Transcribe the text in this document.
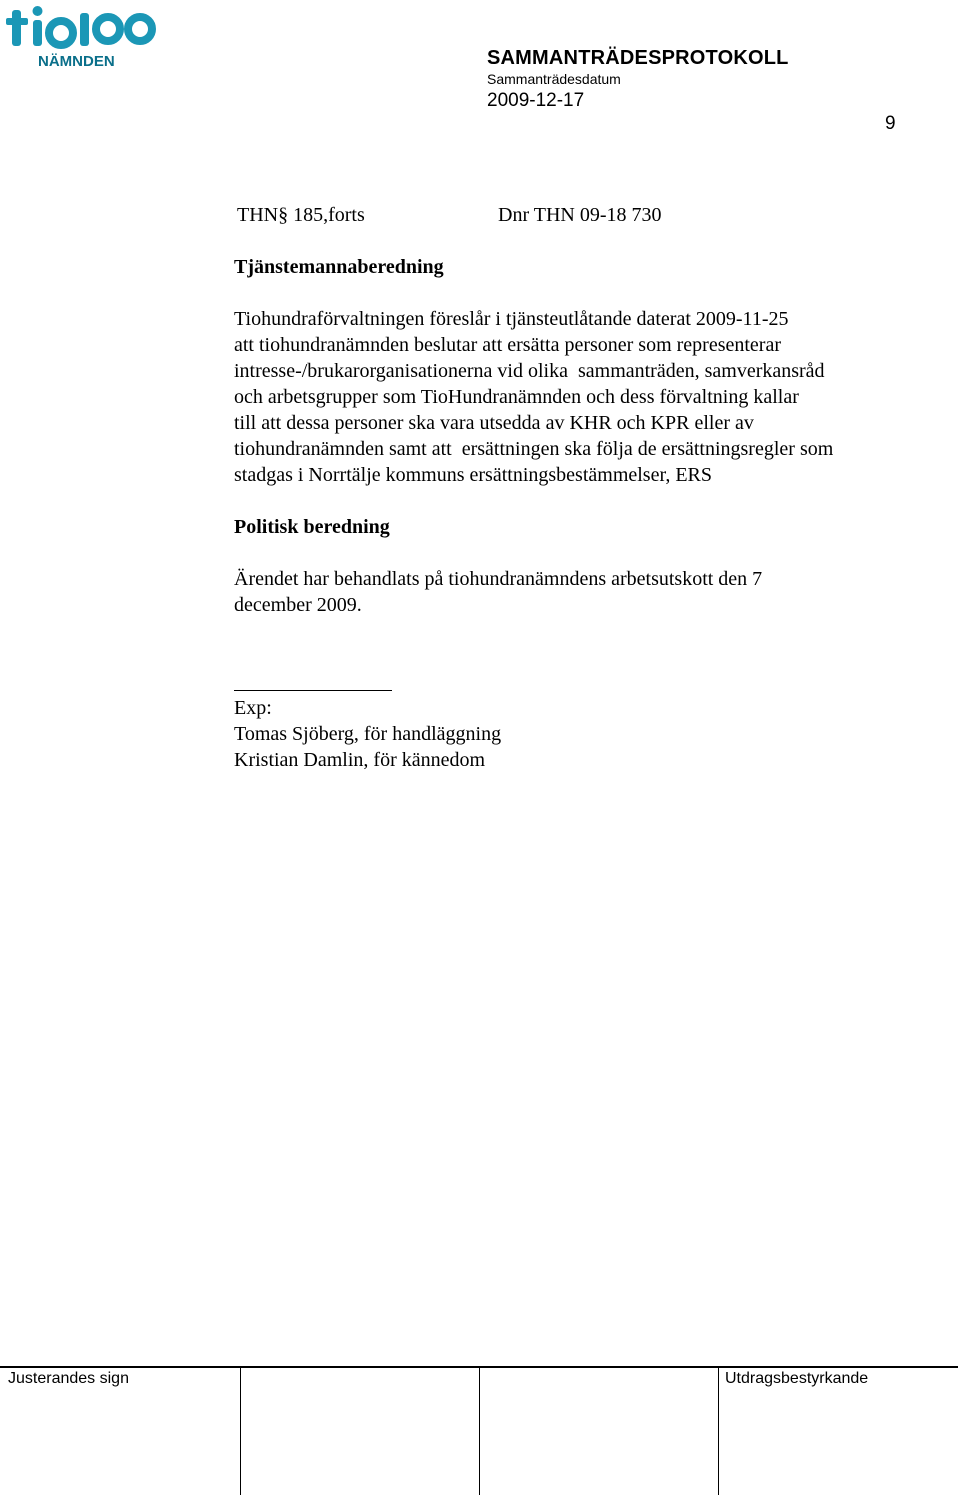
NÄMNDEN	SAMMANTRÄDESPROTOKOLL
Sammanträdesdatum
2009-12-17
9
THN§ 185,forts	Dnr THN 09-18 730
Tjänstemannaberedning
Tiohundraförvaltningen föreslår i tjänsteutlåtande daterat 2009-11-25
att tiohundranämnden beslutar att ersätta personer som representerar
intresse-/brukarorganisationerna vid olika  sammanträden, samverkansråd
och arbetsgrupper som TioHundranämnden och dess förvaltning kallar
till att dessa personer ska vara utsedda av KHR och KPR eller av
tiohundranämnden samt att  ersättningen ska följa de ersättningsregler som
stadgas i Norrtälje kommuns ersättningsbestämmelser, ERS
Politisk beredning
Ärendet har behandlats på tiohundranämndens arbetsutskott den 7
december 2009.
Exp:
Tomas Sjöberg, för handläggning
Kristian Damlin, för kännedom
Justerandes sign	Utdragsbestyrkande
